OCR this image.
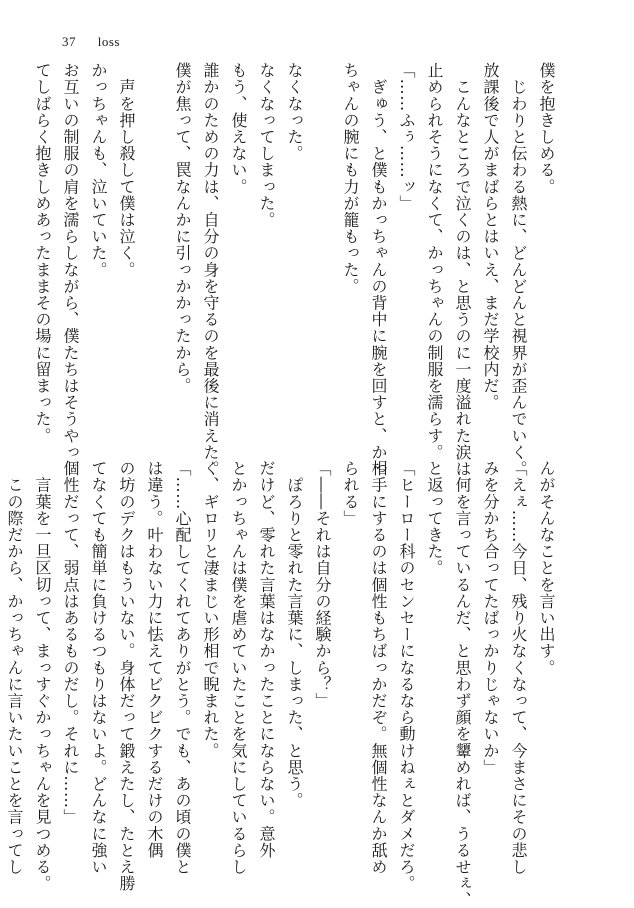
37 loss
僕を抱きしめる。
　じわりと伝わる熱に、どんどんと視界が歪んでいく。
放課後で人がまばらとはいえ、まだ学校内だ。
　こんなところで泣くのは、と思うのに一度溢れた涙は
止められそうになくて、かっちゃんの制服を濡らす。
「……ふぅ……ッ」
　ぎゅう、と僕もかっちゃんの背中に腕を回すと、かっ
ちゃんの腕にも力が籠もった。
なくなった。
なくなってしまった。
もう、使えない。
誰かのための力は、自分の身を守るのを最後に消えた。
僕が焦って、罠なんかに引っかかったから。
　声を押し殺して僕は泣く。
かっちゃんも、泣いていた。
お互いの制服の肩を濡らしながら、僕たちはそうやっ
てしばらく抱きしめあったままその場に留まった。
んがそんなことを言い出す。
「えぇ……今日、残り火なくなって、今まさにその悲し
みを分かち合ってたばっかりじゃないか」
　何を言っているんだ、と思わず顔を顰めれば、うるせぇ、
と返ってきた。
「ヒーロー科のセンセーになるなら動けねぇとダメだろ。
相手にするのは個性もちばっかだぞ。無個性なんか舐め
られる」
「――それは自分の経験から？」
　ぽろりと零れた言葉に、しまった、と思う。
だけど、零れた言葉はなかったことにならない。意外
とかっちゃんは僕を虐めていたことを気にしているらし
く、ギロリと凄まじい形相で睨まれた。
「……心配してくれてありがとう。でも、あの頃の僕と
は違う。叶わない力に怯えてビクビクするだけの木偶
の坊のデクはもういない。身体だって鍛えたし、たとえ勝
てなくても簡単に負けるつもりはないよ。どんなに強い
個性だって、弱点はあるものだし。それに……」
　言葉を一旦区切って、まっすぐかっちゃんを見つめる。
　この際だから、かっちゃんに言いたいことを言ってし
